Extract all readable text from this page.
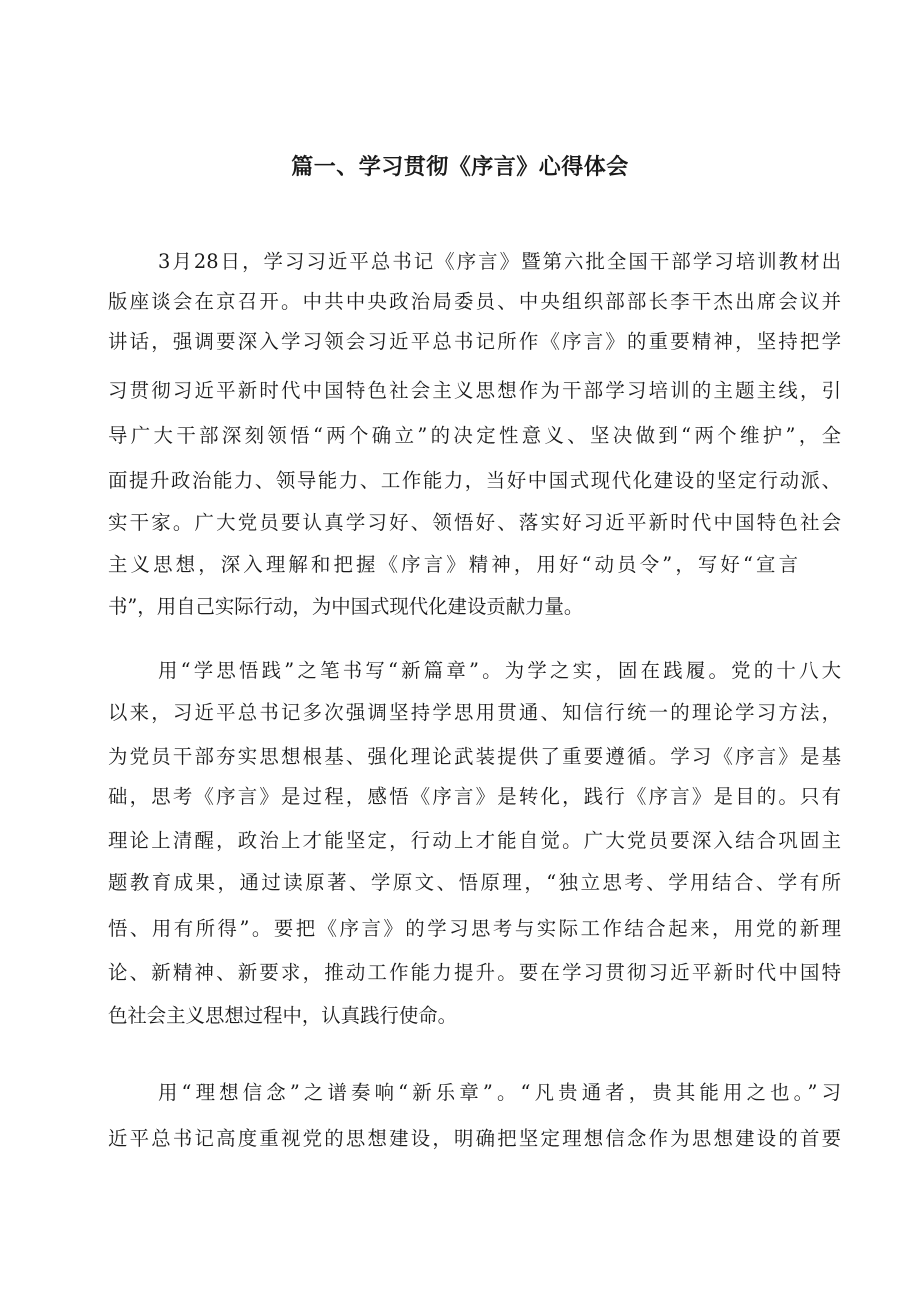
篇一、学习贯彻《序言》心得体会
3月28日，学习习近平总书记《序言》暨第六批全国干部学习培训教材出
版座谈会在京召开。中共中央政治局委员、中央组织部部长李干杰出席会议并
讲话，强调要深入学习领会习近平总书记所作《序言》的重要精神，坚持把学
习贯彻习近平新时代中国特色社会主义思想作为干部学习培训的主题主线，引
导广大干部深刻领悟“两个确立”的决定性意义、坚决做到“两个维护”，全
面提升政治能力、领导能力、工作能力，当好中国式现代化建设的坚定行动派、
实干家。广大党员要认真学习好、领悟好、落实好习近平新时代中国特色社会
主义思想，深入理解和把握《序言》精神，用好“动员令”，写好“宣言
书”，用自己实际行动，为中国式现代化建设贡献力量。
用“学思悟践”之笔书写“新篇章”。为学之实，固在践履。党的十八大
以来，习近平总书记多次强调坚持学思用贯通、知信行统一的理论学习方法，
为党员干部夯实思想根基、强化理论武装提供了重要遵循。学习《序言》是基
础，思考《序言》是过程，感悟《序言》是转化，践行《序言》是目的。只有
理论上清醒，政治上才能坚定，行动上才能自觉。广大党员要深入结合巩固主
题教育成果，通过读原著、学原文、悟原理，“独立思考、学用结合、学有所
悟、用有所得”。要把《序言》的学习思考与实际工作结合起来，用党的新理
论、新精神、新要求，推动工作能力提升。要在学习贯彻习近平新时代中国特
色社会主义思想过程中，认真践行使命。
用“理想信念”之谱奏响“新乐章”。“凡贵通者，贵其能用之也。”习
近平总书记高度重视党的思想建设，明确把坚定理想信念作为思想建设的首要
